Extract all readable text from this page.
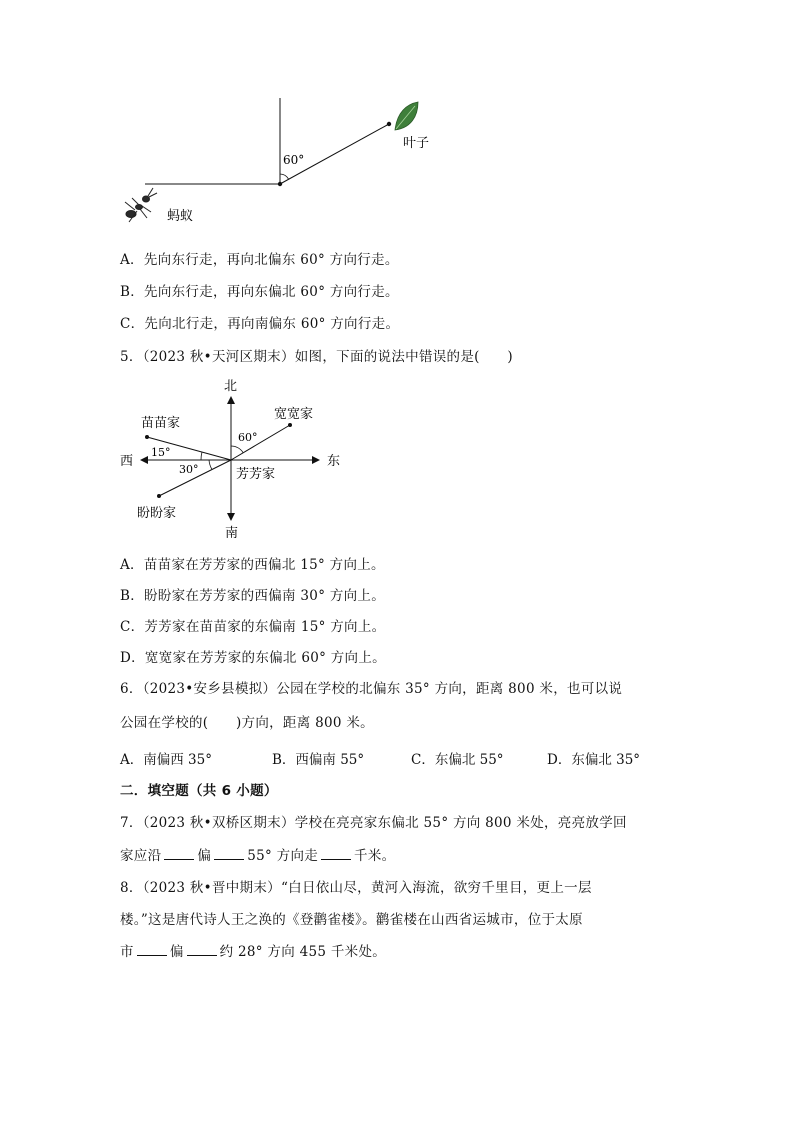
60°
叶子
蚂蚁
A．先向东行走，再向北偏东 60° 方向行走。
B．先向东行走，再向东偏北 60° 方向行走。
C．先向北行走，再向南偏东 60° 方向行走。
5．（2023 秋•天河区期末）如图，下面的说法中错误的是(　　)
北
南
东
西
苗苗家
宽宽家
芳芳家
盼盼家
60°
15°
30°
A．苗苗家在芳芳家的西偏北 15° 方向上。
B．盼盼家在芳芳家的西偏南 30° 方向上。
C．芳芳家在苗苗家的东偏南 15° 方向上。
D．宽宽家在芳芳家的东偏北 60° 方向上。
6．（2023•安乡县模拟）公园在学校的北偏东 35° 方向，距离 800 米，也可以说
公园在学校的(　　)方向，距离 800 米。
A．南偏西 35°	B．西偏南 55°	C．东偏北 55°	D．东偏北 35°
二．填空题（共 6 小题）
7．（2023 秋•双桥区期末）学校在亮亮家东偏北 55° 方向 800 米处，亮亮放学回
家应沿	偏	55° 方向走	千米。
8．（2023 秋•晋中期末）“白日依山尽，黄河入海流，欲穷千里目，更上一层
楼。”这是唐代诗人王之涣的《登鹳雀楼》。鹳雀楼在山西省运城市，位于太原
市	偏	约 28° 方向 455 千米处。
